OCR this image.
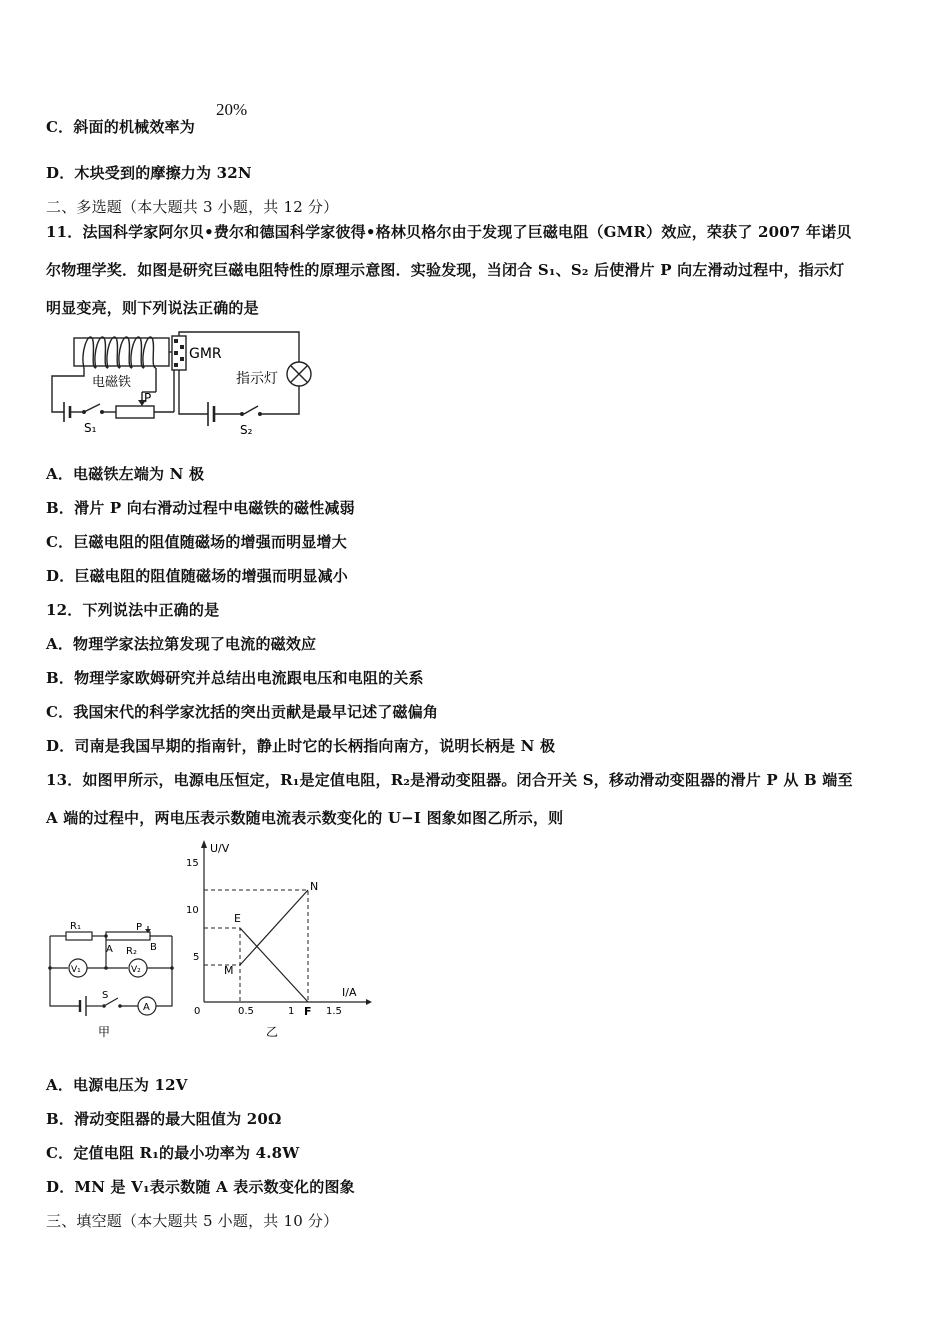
C．斜面的机械效率为
20%
D．木块受到的摩擦力为 32N
二、多选题（本大题共 3 小题，共 12 分）
11．法国科学家阿尔贝•费尔和德国科学家彼得•格林贝格尔由于发现了巨磁电阻（GMR）效应，荣获了 2007 年诺贝
尔物理学奖．如图是研究巨磁电阻特性的原理示意图．实验发现，当闭合 S₁、S₂ 后使滑片 P 向左滑动过程中，指示灯
明显变亮，则下列说法正确的是
电磁铁
P
S₁
GMR
指示灯
S₂
A．电磁铁左端为 N 极
B．滑片 P 向右滑动过程中电磁铁的磁性减弱
C．巨磁电阻的阻值随磁场的增强而明显增大
D．巨磁电阻的阻值随磁场的增强而明显减小
12．下列说法中正确的是
A．物理学家法拉第发现了电流的磁效应
B．物理学家欧姆研究并总结出电流跟电压和电阻的关系
C．我国宋代的科学家沈括的突出贡献是最早记述了磁偏角
D．司南是我国早期的指南针，静止时它的长柄指向南方，说明长柄是 N 极
13．如图甲所示，电源电压恒定，R₁是定值电阻，R₂是滑动变阻器。闭合开关 S，移动滑动变阻器的滑片 P 从 B 端至
A 端的过程中，两电压表示数随电流表示数变化的 U−I 图象如图乙所示，则
R₁	P
A R₂ B
V₁	V₂
S
A
甲
U/V
I/A
15
10
5
0	0.5	1	1.5
N
E
M
F
乙
A．电源电压为 12V
B．滑动变阻器的最大阻值为 20Ω
C．定值电阻 R₁的最小功率为 4.8W
D．MN 是 V₁表示数随 A 表示数变化的图象
三、填空题（本大题共 5 小题，共 10 分）
